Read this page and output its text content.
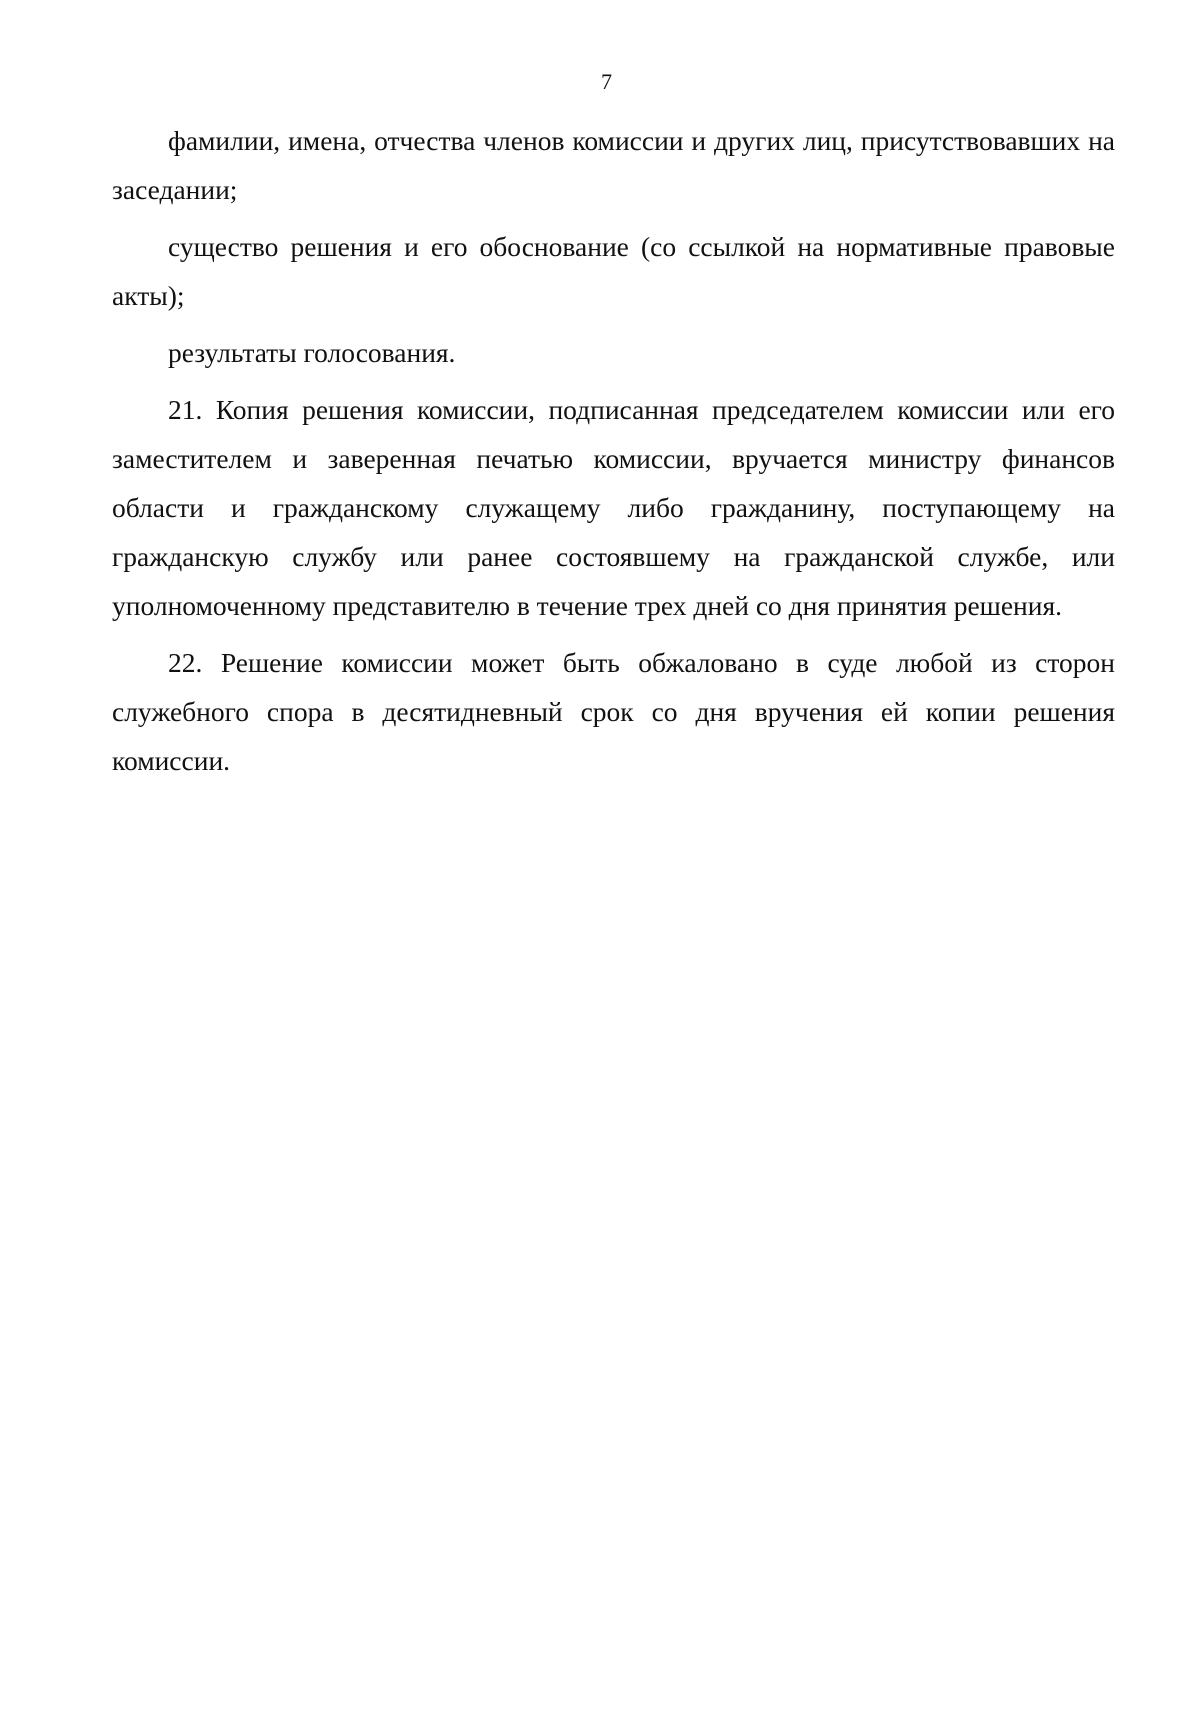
7

фамилии, имена, отчества членов комиссии и других лиц, присутствовавших на заседании;

существо решения и его обоснование (со ссылкой на нормативные правовые акты);

результаты голосования.

21. Копия решения комиссии, подписанная председателем комиссии или его заместителем и заверенная печатью комиссии, вручается министру финансов области и гражданскому служащему либо гражданину, поступающему на гражданскую службу или ранее состоявшему на гражданской службе, или уполномоченному представителю в течение трех дней со дня принятия решения.

22. Решение комиссии может быть обжаловано в суде любой из сторон служебного спора в десятидневный срок со дня вручения ей копии решения комиссии.
